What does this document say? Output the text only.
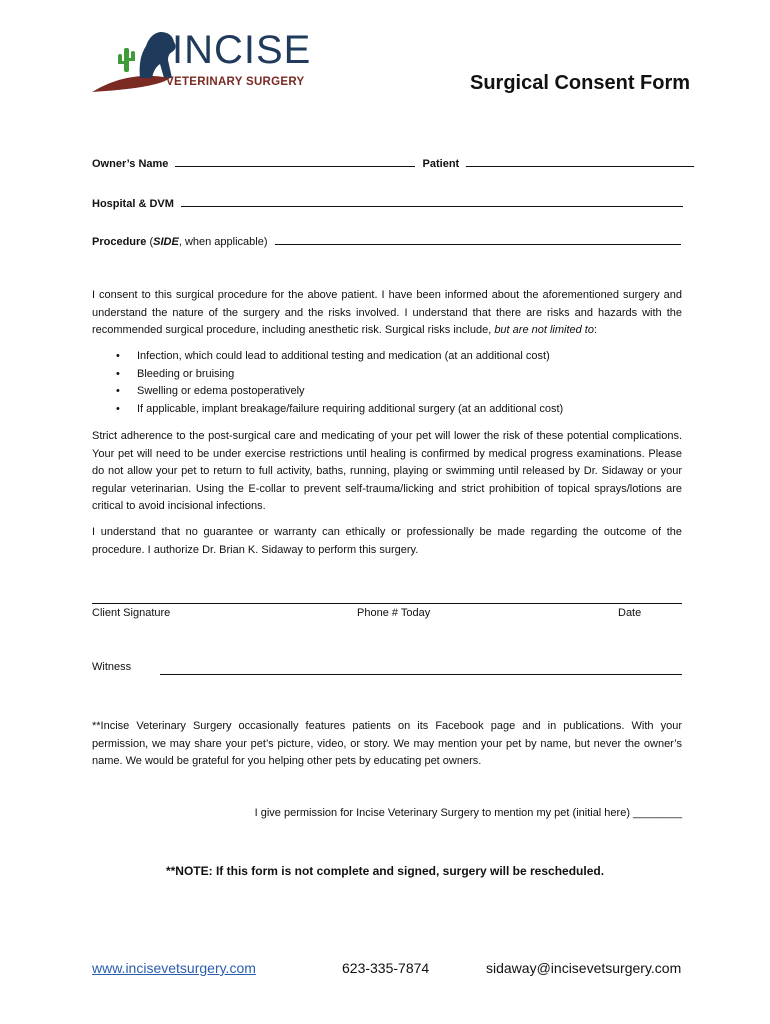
INCISE
VETERINARY SURGERY	Surgical Consent Form
Owner’s Name	Patient
Hospital & DVM
Procedure (SIDE, when applicable)
I consent to this surgical procedure for the above patient. I have been informed about the aforementioned surgery and understand the nature of the surgery and the risks involved. I understand that there are risks and hazards with the recommended surgical procedure, including anesthetic risk. Surgical risks include, but are not limited to:
• Infection, which could lead to additional testing and medication (at an additional cost)
• Bleeding or bruising
• Swelling or edema postoperatively
• If applicable, implant breakage/failure requiring additional surgery (at an additional cost)
Strict adherence to the post-surgical care and medicating of your pet will lower the risk of these potential complications. Your pet will need to be under exercise restrictions until healing is confirmed by medical progress examinations. Please do not allow your pet to return to full activity, baths, running, playing or swimming until released by Dr. Sidaway or your regular veterinarian. Using the E-collar to prevent self-trauma/licking and strict prohibition of topical sprays/lotions are critical to avoid incisional infections.
I understand that no guarantee or warranty can ethically or professionally be made regarding the outcome of the procedure. I authorize Dr. Brian K. Sidaway to perform this surgery.
Client Signature	Phone # Today	Date
Witness
**Incise Veterinary Surgery occasionally features patients on its Facebook page and in publications. With your permission, we may share your pet’s picture, video, or story. We may mention your pet by name, but never the owner’s name. We would be grateful for you helping other pets by educating pet owners.
I give permission for Incise Veterinary Surgery to mention my pet (initial here) ________
**NOTE: If this form is not complete and signed, surgery will be rescheduled.
www.incisevetsurgery.com	623-335-7874	sidaway@incisevetsurgery.com
